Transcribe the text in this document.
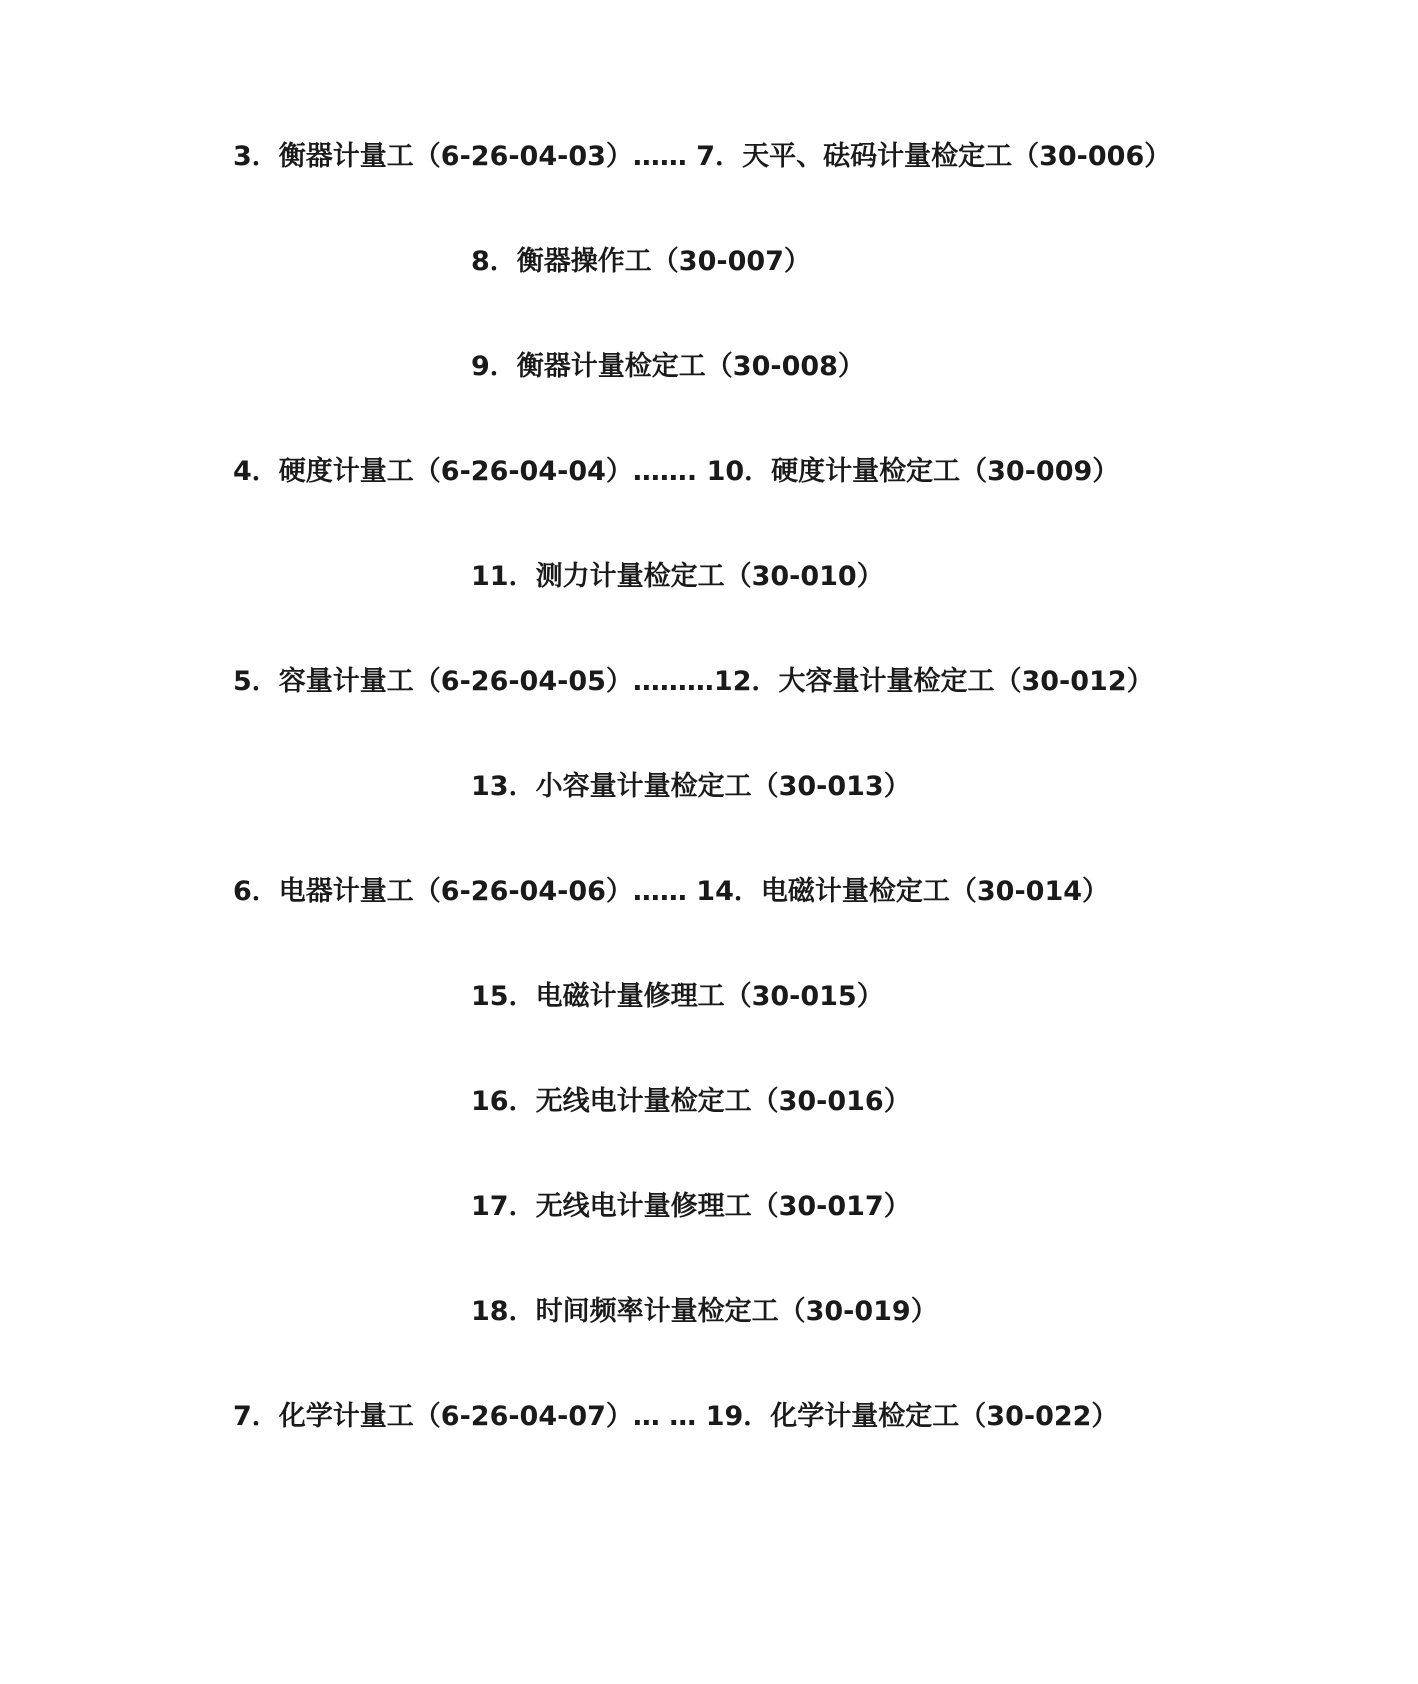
3．衡器计量工（6-26-04-03）…… 7．天平、砝码计量检定工（30-006）
8．衡器操作工（30-007）
9．衡器计量检定工（30-008）
4．硬度计量工（6-26-04-04）……. 10．硬度计量检定工（30-009）
11．测力计量检定工（30-010）
5．容量计量工（6-26-04-05）………12．大容量计量检定工（30-012）
13．小容量计量检定工（30-013）
6．电器计量工（6-26-04-06）…… 14．电磁计量检定工（30-014）
15．电磁计量修理工（30-015）
16．无线电计量检定工（30-016）
17．无线电计量修理工（30-017）
18．时间频率计量检定工（30-019）
7．化学计量工（6-26-04-07）… … 19．化学计量检定工（30-022）
